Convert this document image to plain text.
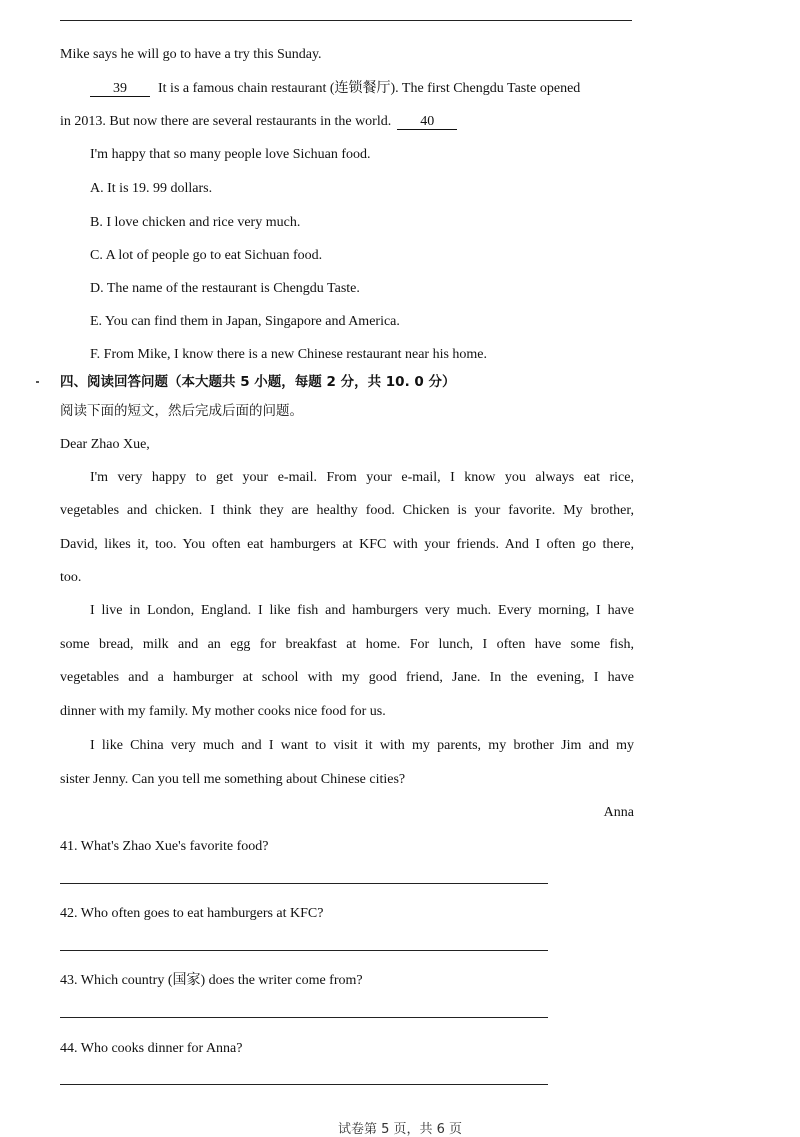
Mike says he will go to have a try this Sunday.
39 It is a famous chain restaurant (连锁餐厅). The first Chengdu Taste opened
in 2013. But now there are several restaurants in the world. 40
I'm happy that so many people love Sichuan food.
A. It is 19. 99 dollars.
B. I love chicken and rice very much.
C. A lot of people go to eat Sichuan food.
D. The name of the restaurant is Chengdu Taste.
E. You can find them in Japan, Singapore and America.
F. From Mike, I know there is a new Chinese restaurant near his home.
四、阅读回答问题（本大题共 5 小题，每题 2 分，共 10. 0 分）
阅读下面的短文，然后完成后面的问题。
Dear Zhao Xue,
I'm very happy to get your e-mail. From your e-mail, I know you always eat rice,
vegetables and chicken. I think they are healthy food. Chicken is your favorite. My brother,
David, likes it, too. You often eat hamburgers at KFC with your friends. And I often go there,
too.
I live in London, England. I like fish and hamburgers very much. Every morning, I have
some bread, milk and an egg for breakfast at home. For lunch, I often have some fish,
vegetables and a hamburger at school with my good friend, Jane. In the evening, I have
dinner with my family. My mother cooks nice food for us.
I like China very much and I want to visit it with my parents, my brother Jim and my
sister Jenny. Can you tell me something about Chinese cities?
Anna
41. What's Zhao Xue's favorite food?
42. Who often goes to eat hamburgers at KFC?
43. Which country (国家) does the writer come from?
44. Who cooks dinner for Anna?
试卷第 5 页，共 6 页
